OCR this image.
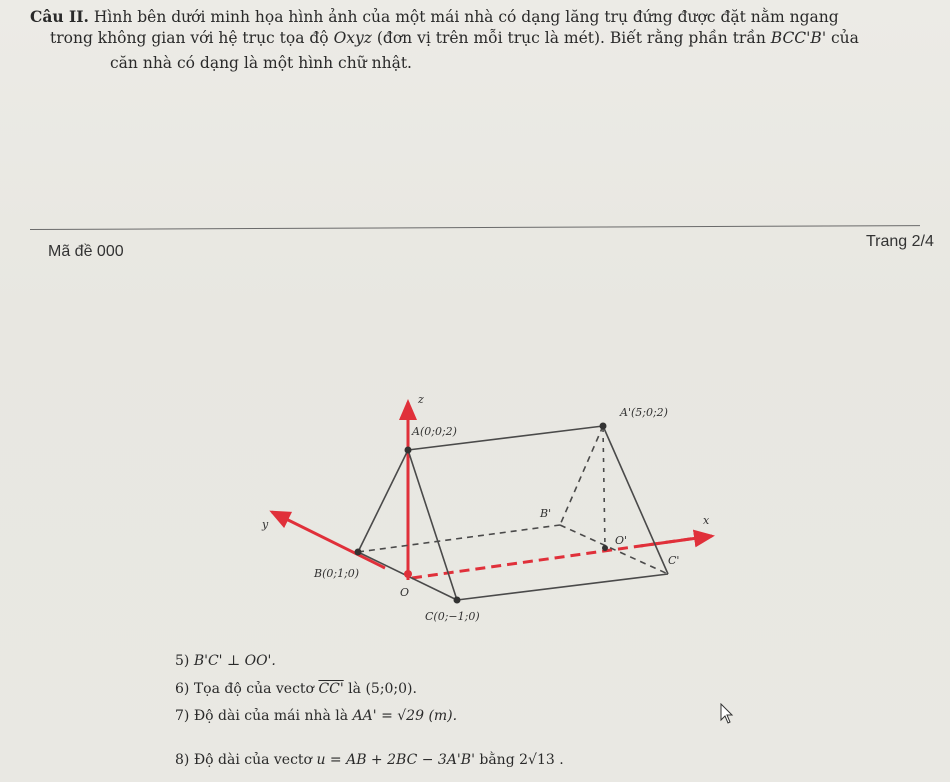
Câu II. Hình bên dưới minh họa hình ảnh của một mái nhà có dạng lăng trụ đứng được đặt nằm ngang
trong không gian với hệ trục tọa độ Oxyz (đơn vị trên mỗi trục là mét). Biết rằng phần trần BCC'B' của
căn nhà có dạng là một hình chữ nhật.
Mã đề 000
Trang 2/4
z
y	x
A(0;0;2)
A'(5;0;2)
B'
O'
B(0;1;0)
O
C'
C(0;−1;0)
5) B'C' ⊥ OO'.
6) Tọa độ của vectơ CC' là (5;0;0).
7) Độ dài của mái nhà là AA' = √29 (m).
8) Độ dài của vectơ u = AB + 2BC − 3A'B' bằng 2√13 .
